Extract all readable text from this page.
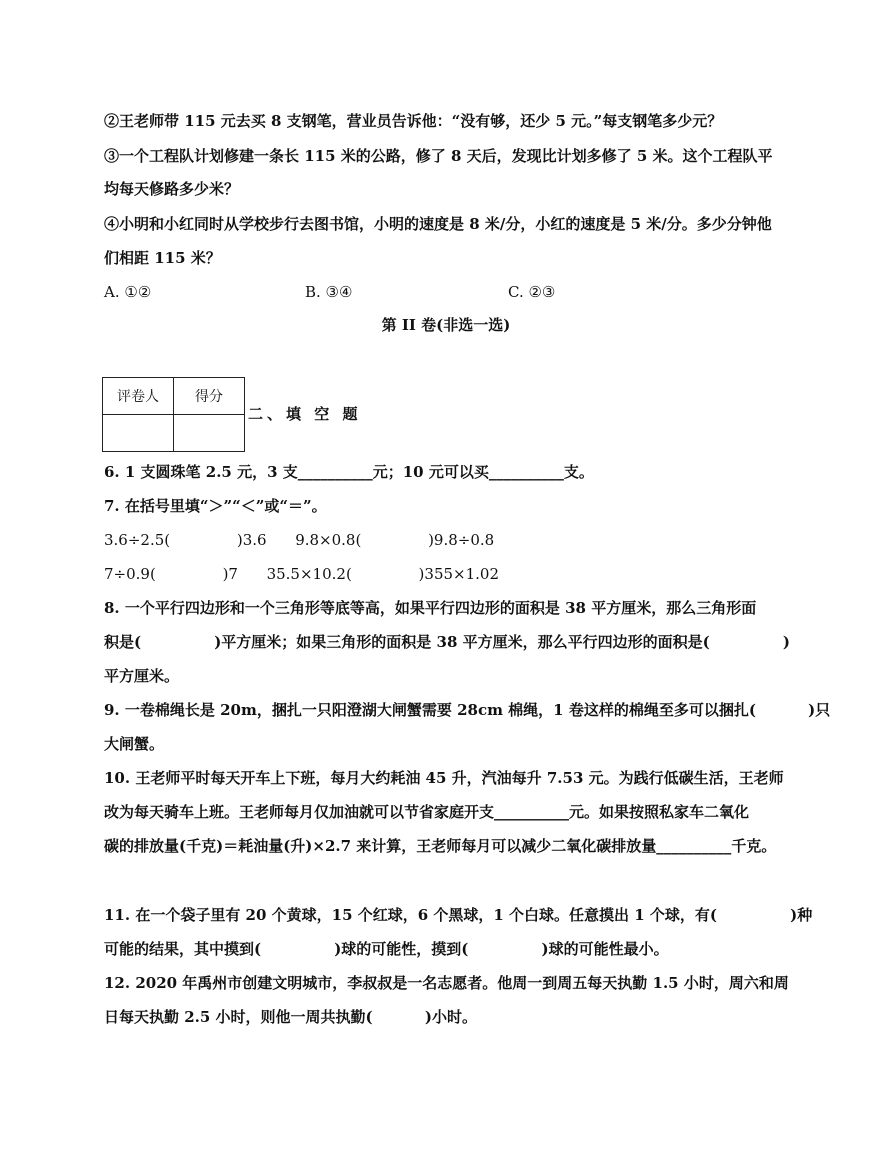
②王老师带 115 元去买 8 支钢笔，营业员告诉他：“没有够，还少 5 元。”每支钢笔多少元？
③一个工程队计划修建一条长 115 米的公路，修了 8 天后，发现比计划多修了 5 米。这个工程队平
均每天修路多少米？
④小明和小红同时从学校步行去图书馆，小明的速度是 8 米/分，小红的速度是 5 米/分。多少分钟他
们相距 115 米？
A. ①②	B. ③④	C. ②③
第 II 卷(非选一选)
评卷人	得分

二、填 空 题
6. 1 支圆珠笔 2.5 元，3 支__________元；10 元可以买__________支。
7. 在括号里填“＞”“＜”或“＝”。
3.6÷2.5(              )3.6      9.8×0.8(              )9.8÷0.8
7÷0.9(              )7      35.5×10.2(              )355×1.02
8. 一个平行四边形和一个三角形等底等高，如果平行四边形的面积是 38 平方厘米，那么三角形面
积是(              )平方厘米；如果三角形的面积是 38 平方厘米，那么平行四边形的面积是(              )
平方厘米。
9. 一卷棉绳长是 20m，捆扎一只阳澄湖大闸蟹需要 28cm 棉绳，1 卷这样的棉绳至多可以捆扎(          )只
大闸蟹。
10. 王老师平时每天开车上下班，每月大约耗油 45 升，汽油每升 7.53 元。为践行低碳生活，王老师
改为每天骑车上班。王老师每月仅加油就可以节省家庭开支__________元。如果按照私家车二氧化
碳的排放量(千克)＝耗油量(升)×2.7 来计算，王老师每月可以减少二氧化碳排放量__________千克。
11. 在一个袋子里有 20 个黄球，15 个红球，6 个黑球，1 个白球。任意摸出 1 个球，有(              )种
可能的结果，其中摸到(              )球的可能性，摸到(              )球的可能性最小。
12. 2020 年禹州市创建文明城市，李叔叔是一名志愿者。他周一到周五每天执勤 1.5 小时，周六和周
日每天执勤 2.5 小时，则他一周共执勤(          )小时。
